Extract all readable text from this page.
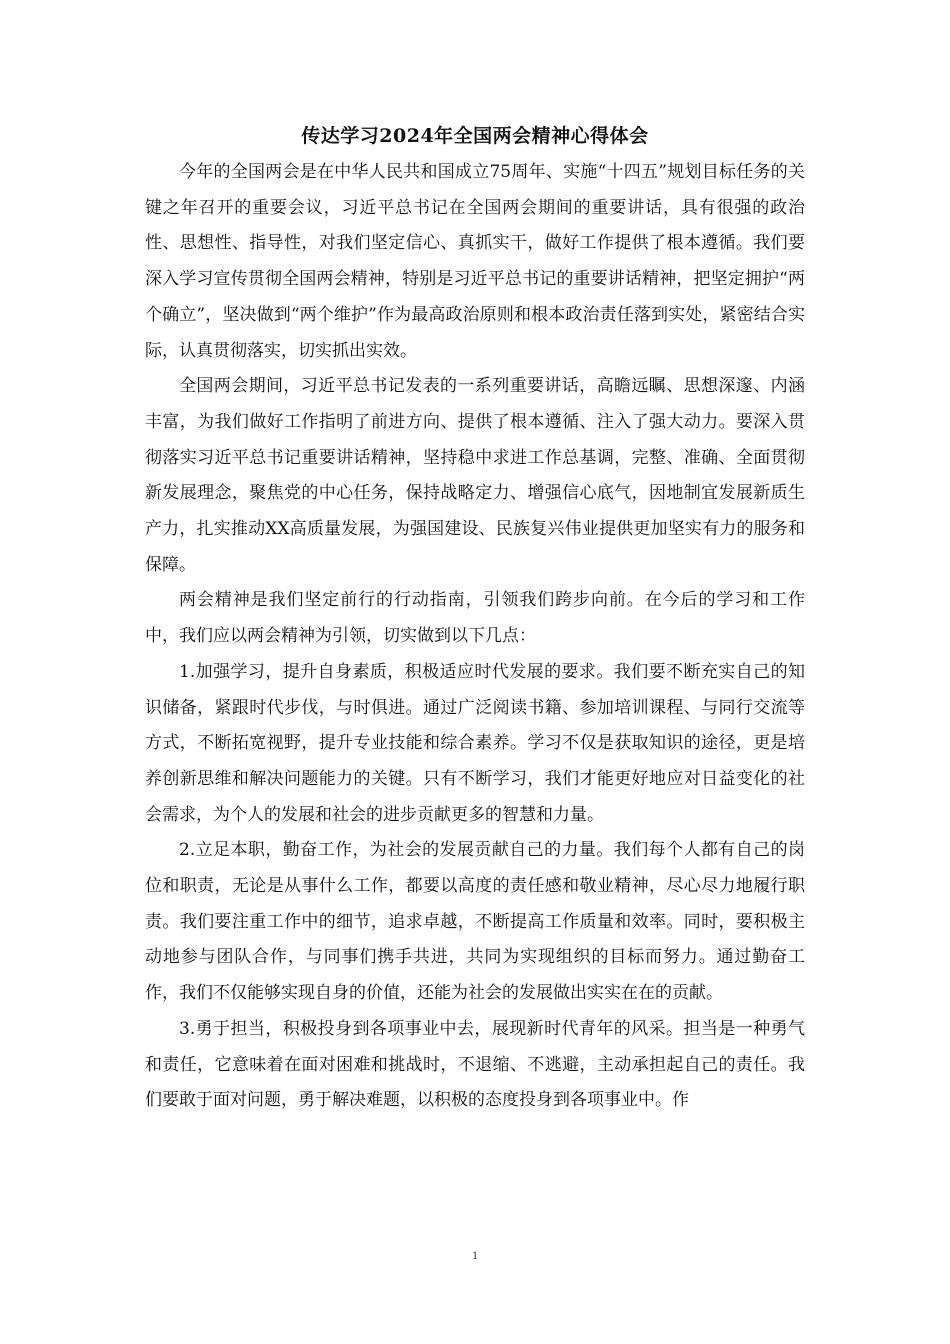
传达学习2024年全国两会精神心得体会

今年的全国两会是在中华人民共和国成立75周年、实施“十四五”规划目标任务的关键之年召开的重要会议，习近平总书记在全国两会期间的重要讲话，具有很强的政治性、思想性、指导性，对我们坚定信心、真抓实干，做好工作提供了根本遵循。我们要深入学习宣传贯彻全国两会精神，特别是习近平总书记的重要讲话精神，把坚定拥护“两个确立”，坚决做到“两个维护”作为最高政治原则和根本政治责任落到实处，紧密结合实际，认真贯彻落实，切实抓出实效。

全国两会期间，习近平总书记发表的一系列重要讲话，高瞻远瞩、思想深邃、内涵丰富，为我们做好工作指明了前进方向、提供了根本遵循、注入了强大动力。要深入贯彻落实习近平总书记重要讲话精神，坚持稳中求进工作总基调，完整、准确、全面贯彻新发展理念，聚焦党的中心任务，保持战略定力、增强信心底气，因地制宜发展新质生产力，扎实推动XX高质量发展，为强国建设、民族复兴伟业提供更加坚实有力的服务和保障。

两会精神是我们坚定前行的行动指南，引领我们跨步向前。在今后的学习和工作中，我们应以两会精神为引领，切实做到以下几点：

1.加强学习，提升自身素质，积极适应时代发展的要求。我们要不断充实自己的知识储备，紧跟时代步伐，与时俱进。通过广泛阅读书籍、参加培训课程、与同行交流等方式，不断拓宽视野，提升专业技能和综合素养。学习不仅是获取知识的途径，更是培养创新思维和解决问题能力的关键。只有不断学习，我们才能更好地应对日益变化的社会需求，为个人的发展和社会的进步贡献更多的智慧和力量。

2.立足本职，勤奋工作，为社会的发展贡献自己的力量。我们每个人都有自己的岗位和职责，无论是从事什么工作，都要以高度的责任感和敬业精神，尽心尽力地履行职责。我们要注重工作中的细节，追求卓越，不断提高工作质量和效率。同时，要积极主动地参与团队合作，与同事们携手共进，共同为实现组织的目标而努力。通过勤奋工作，我们不仅能够实现自身的价值，还能为社会的发展做出实实在在的贡献。

3.勇于担当，积极投身到各项事业中去，展现新时代青年的风采。担当是一种勇气和责任，它意味着在面对困难和挑战时，不退缩、不逃避，主动承担起自己的责任。我们要敢于面对问题，勇于解决难题，以积极的态度投身到各项事业中。作

1
